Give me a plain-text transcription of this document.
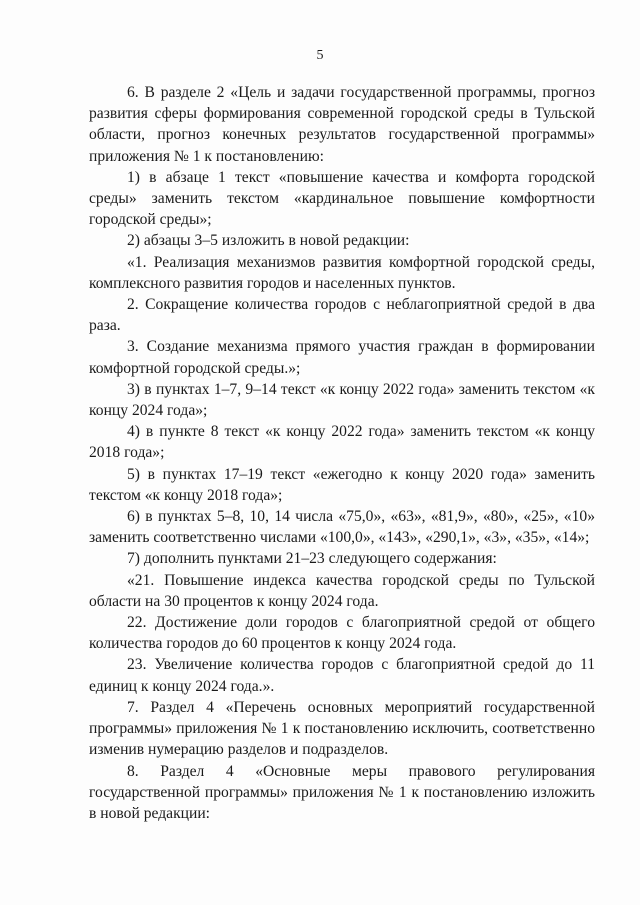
5

6. В разделе 2 «Цель и задачи государственной программы, прогноз развития сферы формирования современной городской среды в Тульской области, прогноз конечных результатов государственной программы» приложения № 1 к постановлению:

1) в абзаце 1 текст «повышение качества и комфорта городской среды» заменить текстом «кардинальное повышение комфортности городской среды»;

2) абзацы 3–5 изложить в новой редакции:

«1. Реализация механизмов развития комфортной городской среды, комплексного развития городов и населенных пунктов.

2. Сокращение количества городов с неблагоприятной средой в два раза.

3. Создание механизма прямого участия граждан в формировании комфортной городской среды.»;

3) в пунктах 1–7, 9–14 текст «к концу 2022 года» заменить текстом «к концу 2024 года»;

4) в пункте 8 текст «к концу 2022 года» заменить текстом «к концу 2018 года»;

5) в пунктах 17–19 текст «ежегодно к концу 2020 года» заменить текстом «к концу 2018 года»;

6) в пунктах 5–8, 10, 14 числа «75,0», «63», «81,9», «80», «25», «10» заменить соответственно числами «100,0», «143», «290,1», «3», «35», «14»;

7) дополнить пунктами 21–23 следующего содержания:

«21. Повышение индекса качества городской среды по Тульской области на 30 процентов к концу 2024 года.

22. Достижение доли городов с благоприятной средой от общего количества городов до 60 процентов к концу 2024 года.

23. Увеличение количества городов с благоприятной средой до 11 единиц к концу 2024 года.».

7. Раздел 4 «Перечень основных мероприятий государственной программы» приложения № 1 к постановлению исключить, соответственно изменив нумерацию разделов и подразделов.

8. Раздел 4 «Основные меры правового регулирования государственной программы» приложения № 1 к постановлению изложить в новой редакции:
